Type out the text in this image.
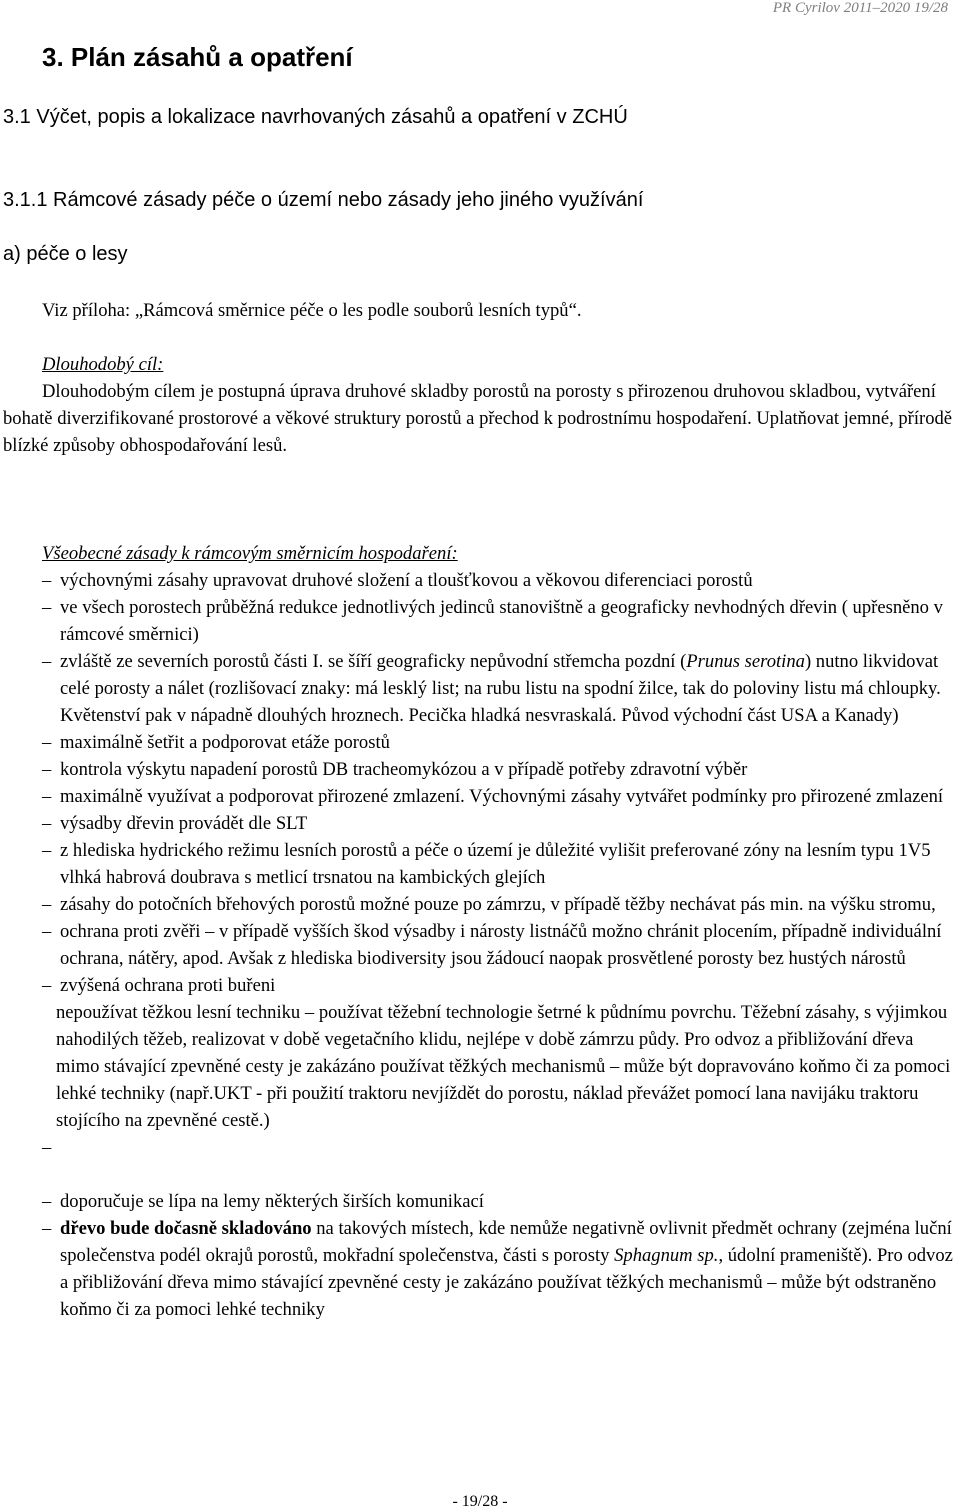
PR Cyrilov 2011–2020 19/28
3. Plán zásahů a opatření
3.1 Výčet, popis a lokalizace navrhovaných zásahů a opatření v ZCHÚ
3.1.1 Rámcové zásady péče o území nebo zásady jeho jiného využívání
a) péče o lesy
Viz příloha: „Rámcová směrnice péče o les podle souborů lesních typů“.
Dlouhodobý cíl:
Dlouhodobým cílem je postupná úprava druhové skladby porostů na porosty s přirozenou druhovou skladbou, vytváření bohatě diverzifikované prostorové a věkové struktury porostů a přechod k podrostnímu hospodaření. Uplatňovat jemné, přírodě blízké způsoby obhospodařování lesů.
Všeobecné zásady k rámcovým směrnicím hospodaření:
– výchovnými zásahy upravovat druhové složení a tloušťkovou a věkovou diferenciaci porostů
– ve všech porostech průběžná redukce jednotlivých jedinců stanovištně a geograficky nevhodných dřevin ( upřesněno v rámcové směrnici)
– zvláště ze severních porostů části I. se šíří geograficky nepůvodní střemcha pozdní (Prunus serotina) nutno likvidovat celé porosty a nálet (rozlišovací znaky: má lesklý list; na rubu listu na spodní žilce, tak do poloviny listu má chloupky. Květenství pak v nápadně dlouhých hroznech. Pecička hladká nesvraskalá. Původ východní část USA a Kanady)
– maximálně šetřit a podporovat etáže porostů
– kontrola výskytu napadení porostů DB tracheomykózou a v případě potřeby zdravotní výběr
– maximálně využívat a podporovat přirozené zmlazení. Výchovnými zásahy vytvářet podmínky pro přirozené zmlazení
– výsadby dřevin provádět dle SLT
– z hlediska hydrického režimu lesních porostů a péče o území je důležité vylišit preferované zóny na lesním typu 1V5 vlhká habrová doubrava s metlicí trsnatou na kambických glejích
– zásahy do potočních břehových porostů možné pouze po zámrzu, v případě těžby nechávat pás min. na výšku stromu,
– ochrana proti zvěři – v případě vyšších škod výsadby i nárosty listnáčů možno chránit plocením, případně individuální ochrana, nátěry, apod. Avšak z hlediska biodiversity jsou žádoucí naopak prosvětlené porosty bez hustých nárostů
– zvýšená ochrana proti buřeni
nepoužívat těžkou lesní techniku – používat těžební technologie šetrné k půdnímu povrchu. Těžební zásahy, s výjimkou nahodilých těžeb, realizovat v době vegetačního klidu, nejlépe v době zámrzu půdy. Pro odvoz a přibližování dřeva mimo stávající zpevněné cesty je zakázáno používat těžkých mechanismů – může být dopravováno koňmo či za pomoci lehké techniky (např.UKT - při použití traktoru nevjíždět do porostu, náklad převážet pomocí lana navijáku traktoru stojícího na zpevněné cestě.)
–

– doporučuje se lípa na lemy některých širších komunikací
– dřevo bude dočasně skladováno na takových místech, kde nemůže negativně ovlivnit předmět ochrany (zejména luční společenstva podél okrajů porostů, mokřadní společenstva, části s porosty Sphagnum sp., údolní prameniště). Pro odvoz a přibližování dřeva mimo stávající zpevněné cesty je zakázáno používat těžkých mechanismů – může být odstraněno koňmo či za pomoci lehké techniky
- 19/28 -
